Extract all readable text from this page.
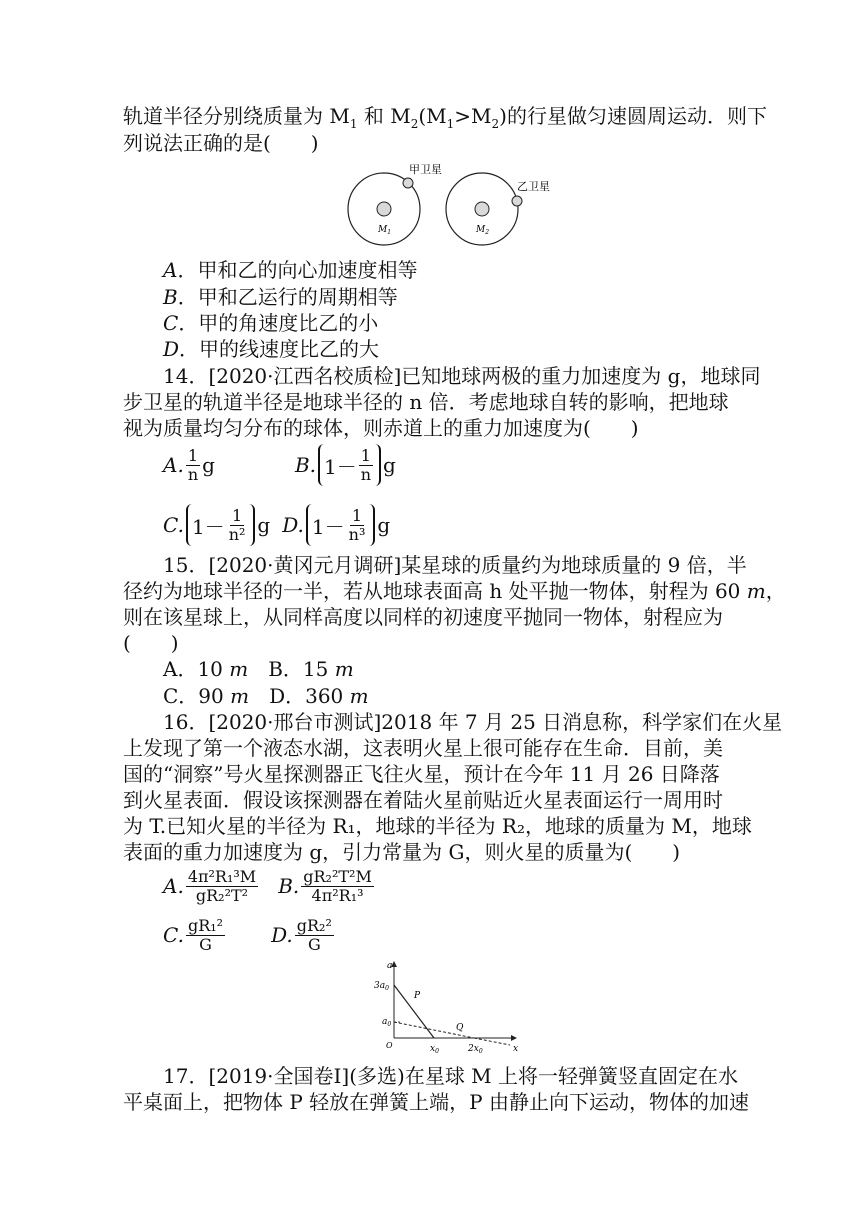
轨道半径分别绕质量为 $M_1$ 和 $M_2(M_1>M_2)$的行星做匀速圆周运动．则下
列说法正确的是(　　)
甲卫星
$M_1$
乙卫星
$M_2$
A．甲和乙的向心加速度相等
B．甲和乙运行的周期相等
C．甲的角速度比乙的小
D．甲的线速度比乙的大
14．[2020·江西名校质检]已知地球两极的重力加速度为 g，地球同
步卫星的轨道半径是地球半径的 n 倍．考虑地球自转的影响，把地球
视为质量均匀分布的球体，则赤道上的重力加速度为(　　)
A. $\frac{1}{n}$ g	B. $1- \frac{1}{n}$ g
C. $1- \frac{1}{\text{n²}}$ g D. $1- \frac{1}{\text{n³}}$ g
15．[2020·黄冈元月调研]某星球的质量约为地球质量的 9 倍，半
径约为地球半径的一半，若从地球表面高 h 处平抛一物体，射程为 60 m，
则在该星球上，从同样高度以同样的初速度平抛同一物体，射程应为
(　　)
A．10 m　B．15 m
C．90 m　D．360 m
16．[2020·邢台市测试]2018 年 7 月 25 日消息称，科学家们在火星
上发现了第一个液态水湖，这表明火星上很可能存在生命．目前，美
国的“洞察”号火星探测器正飞往火星，预计在今年 11 月 26 日降落
到火星表面．假设该探测器在着陆火星前贴近火星表面运行一周用时
为 T.已知火星的半径为 R₁，地球的半径为 R₂，地球的质量为 M，地球
表面的重力加速度为 g，引力常量为 G，则火星的质量为(　　)
A. $\frac{\text{4π²R₁³M}}{\text{gR₂²T²}} B$. $\frac{\text{gR₂²T²M}}{\text{4π²R₁³}}$
C. $\frac{\text{gR₁²}}{G} D$. $\frac{\text{gR₂²}}{G}$
a
x
O
$3a_0$
$a_0$
P
Q
$x_0$	$2x_0$
17．[2019·全国卷Ⅰ](多选)在星球 M 上将一轻弹簧竖直固定在水
平桌面上，把物体 P 轻放在弹簧上端，P 由静止向下运动，物体的加速
